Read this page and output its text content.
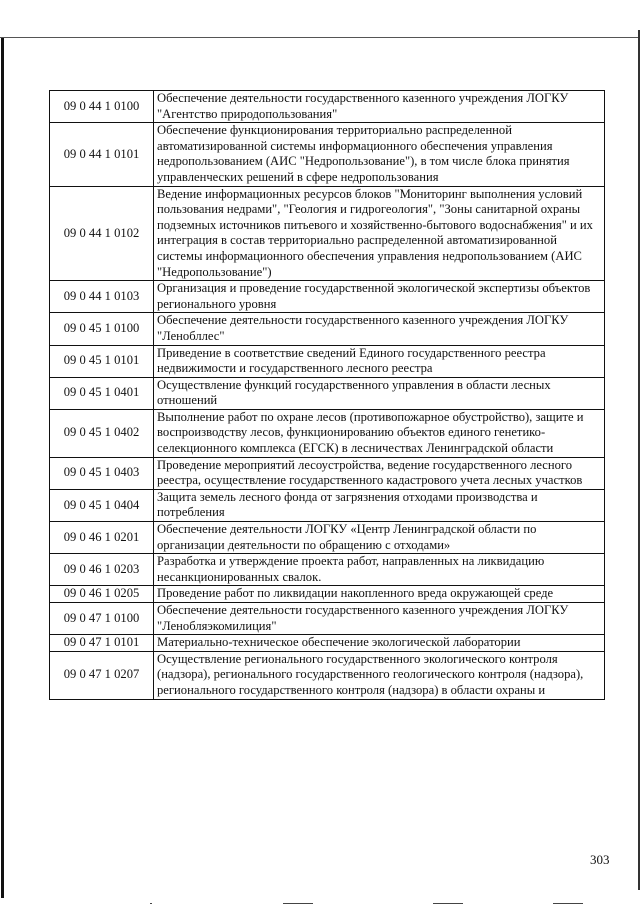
09 0 44 1 0100	Обеспечение деятельности государственного казенного учреждения ЛОГКУ "Агентство природопользования"
09 0 44 1 0101	Обеспечение функционирования территориально распределенной автоматизированной системы информационного обеспечения управления недропользованием (АИС "Недропользование"), в том числе блока принятия управленческих решений в сфере недропользования
09 0 44 1 0102	Ведение информационных ресурсов блоков "Мониторинг выполнения условий пользования недрами", "Геология и гидрогеология", "Зоны санитарной охраны подземных источников питьевого и хозяйственно-бытового водоснабжения" и их интеграция в состав территориально распределенной автоматизированной системы информационного обеспечения управления недропользованием (АИС "Недропользование")
09 0 44 1 0103	Организация и проведение государственной экологической экспертизы объектов регионального уровня
09 0 45 1 0100	Обеспечение деятельности государственного казенного учреждения ЛОГКУ "Ленобллес"
09 0 45 1 0101	Приведение в соответствие сведений Единого государственного реестра недвижимости и государственного лесного реестра
09 0 45 1 0401	Осуществление функций государственного управления в области лесных отношений
09 0 45 1 0402	Выполнение работ по охране лесов (противопожарное обустройство), защите и воспроизводству лесов, функционированию объектов единого генетико-селекционного комплекса (ЕГСК) в лесничествах Ленинградской области
09 0 45 1 0403	Проведение мероприятий лесоустройства, ведение государственного лесного реестра, осуществление государственного кадастрового учета лесных участков
09 0 45 1 0404	Защита земель лесного фонда от загрязнения отходами производства и потребления
09 0 46 1 0201	Обеспечение деятельности ЛОГКУ «Центр Ленинградской области по организации деятельности по обращению с отходами»
09 0 46 1 0203	Разработка и утверждение проекта работ, направленных на ликвидацию несанкционированных свалок.
09 0 46 1 0205	Проведение работ по ликвидации накопленного вреда окружающей среде
09 0 47 1 0100	Обеспечение деятельности государственного казенного учреждения ЛОГКУ "Ленобляэкомилиция"
09 0 47 1 0101	Материально-техническое обеспечение экологической лаборатории
09 0 47 1 0207	Осуществление регионального государственного экологического контроля (надзора), регионального государственного геологического контроля (надзора), регионального государственного контроля (надзора) в области охраны и
303
